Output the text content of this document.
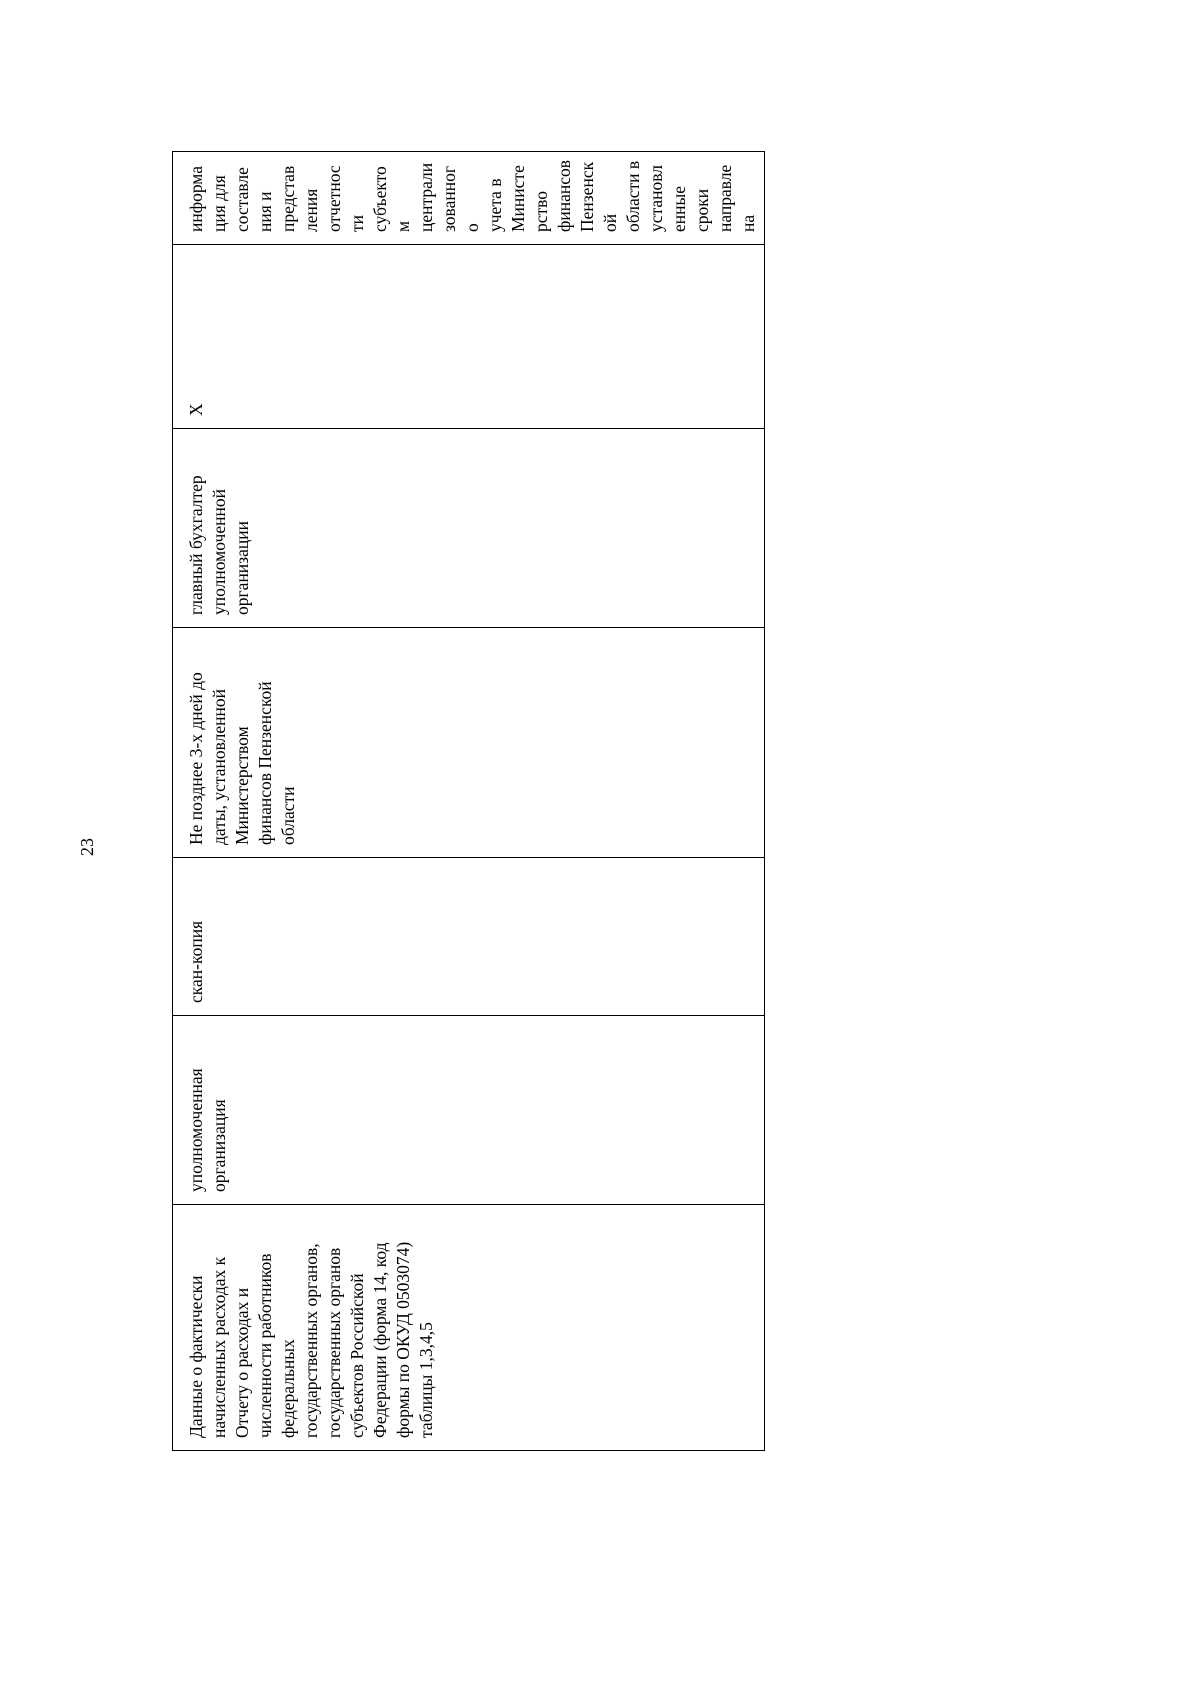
23
Данные о фактически
начисленных расходах к
Отчету о расходах и
численности работников
федеральных
государственных органов,
государственных органов
субъектов Российской
Федерации (форма 14, код
формы по ОКУД 0503074)
таблицы 1,3,4,5	уполномоченная
организация	скан-копия	Не позднее 3-х дней до
даты, установленной
Министерством
финансов Пензенской
области	главный бухгалтер
уполномоченной
организации	Х	информация для
составления и
представления
отчетности субъектом
централизованного
учета в Министерство
финансов Пензенской
области в
установленные сроки
направлена
